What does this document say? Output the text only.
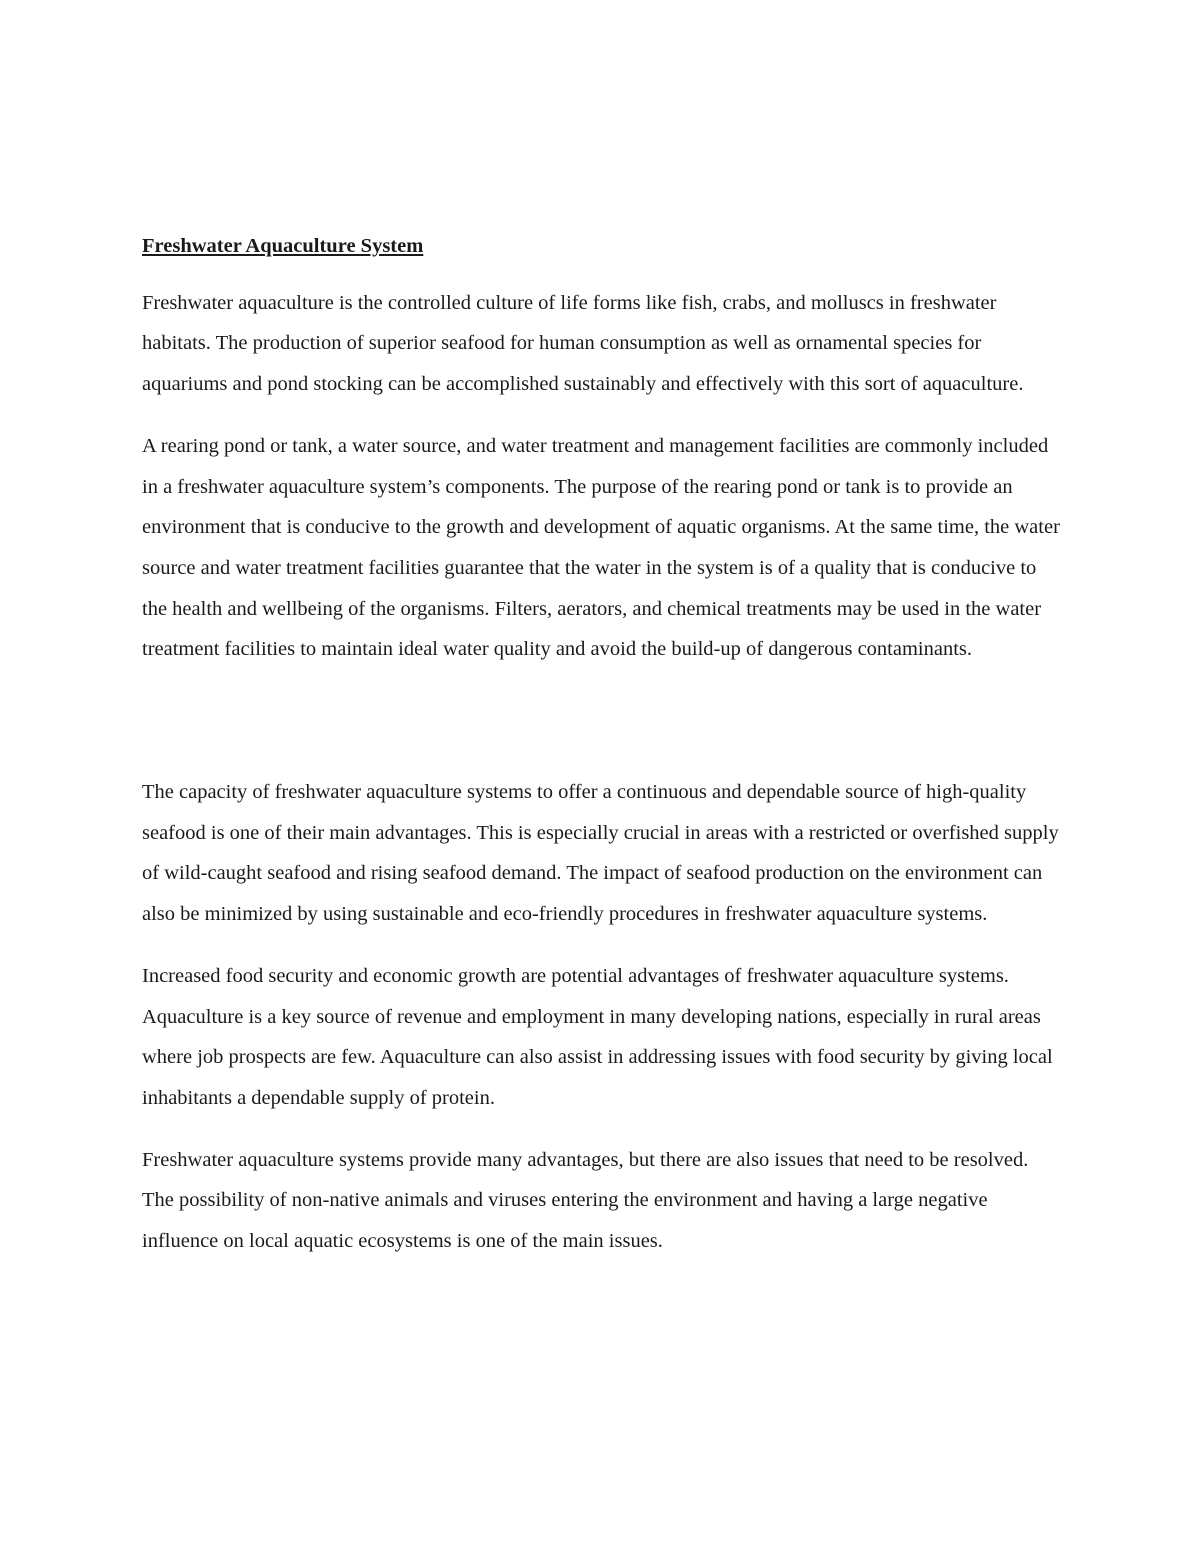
Freshwater Aquaculture System

Freshwater aquaculture is the controlled culture of life forms like fish, crabs, and molluscs in freshwater habitats. The production of superior seafood for human consumption as well as ornamental species for aquariums and pond stocking can be accomplished sustainably and effectively with this sort of aquaculture.

A rearing pond or tank, a water source, and water treatment and management facilities are commonly included in a freshwater aquaculture system’s components. The purpose of the rearing pond or tank is to provide an environment that is conducive to the growth and development of aquatic organisms. At the same time, the water source and water treatment facilities guarantee that the water in the system is of a quality that is conducive to the health and wellbeing of the organisms. Filters, aerators, and chemical treatments may be used in the water treatment facilities to maintain ideal water quality and avoid the build-up of dangerous contaminants.

The capacity of freshwater aquaculture systems to offer a continuous and dependable source of high-quality seafood is one of their main advantages. This is especially crucial in areas with a restricted or overfished supply of wild-caught seafood and rising seafood demand. The impact of seafood production on the environment can also be minimized by using sustainable and eco-friendly procedures in freshwater aquaculture systems.

Increased food security and economic growth are potential advantages of freshwater aquaculture systems. Aquaculture is a key source of revenue and employment in many developing nations, especially in rural areas where job prospects are few. Aquaculture can also assist in addressing issues with food security by giving local inhabitants a dependable supply of protein.

Freshwater aquaculture systems provide many advantages, but there are also issues that need to be resolved. The possibility of non-native animals and viruses entering the environment and having a large negative influence on local aquatic ecosystems is one of the main issues.
